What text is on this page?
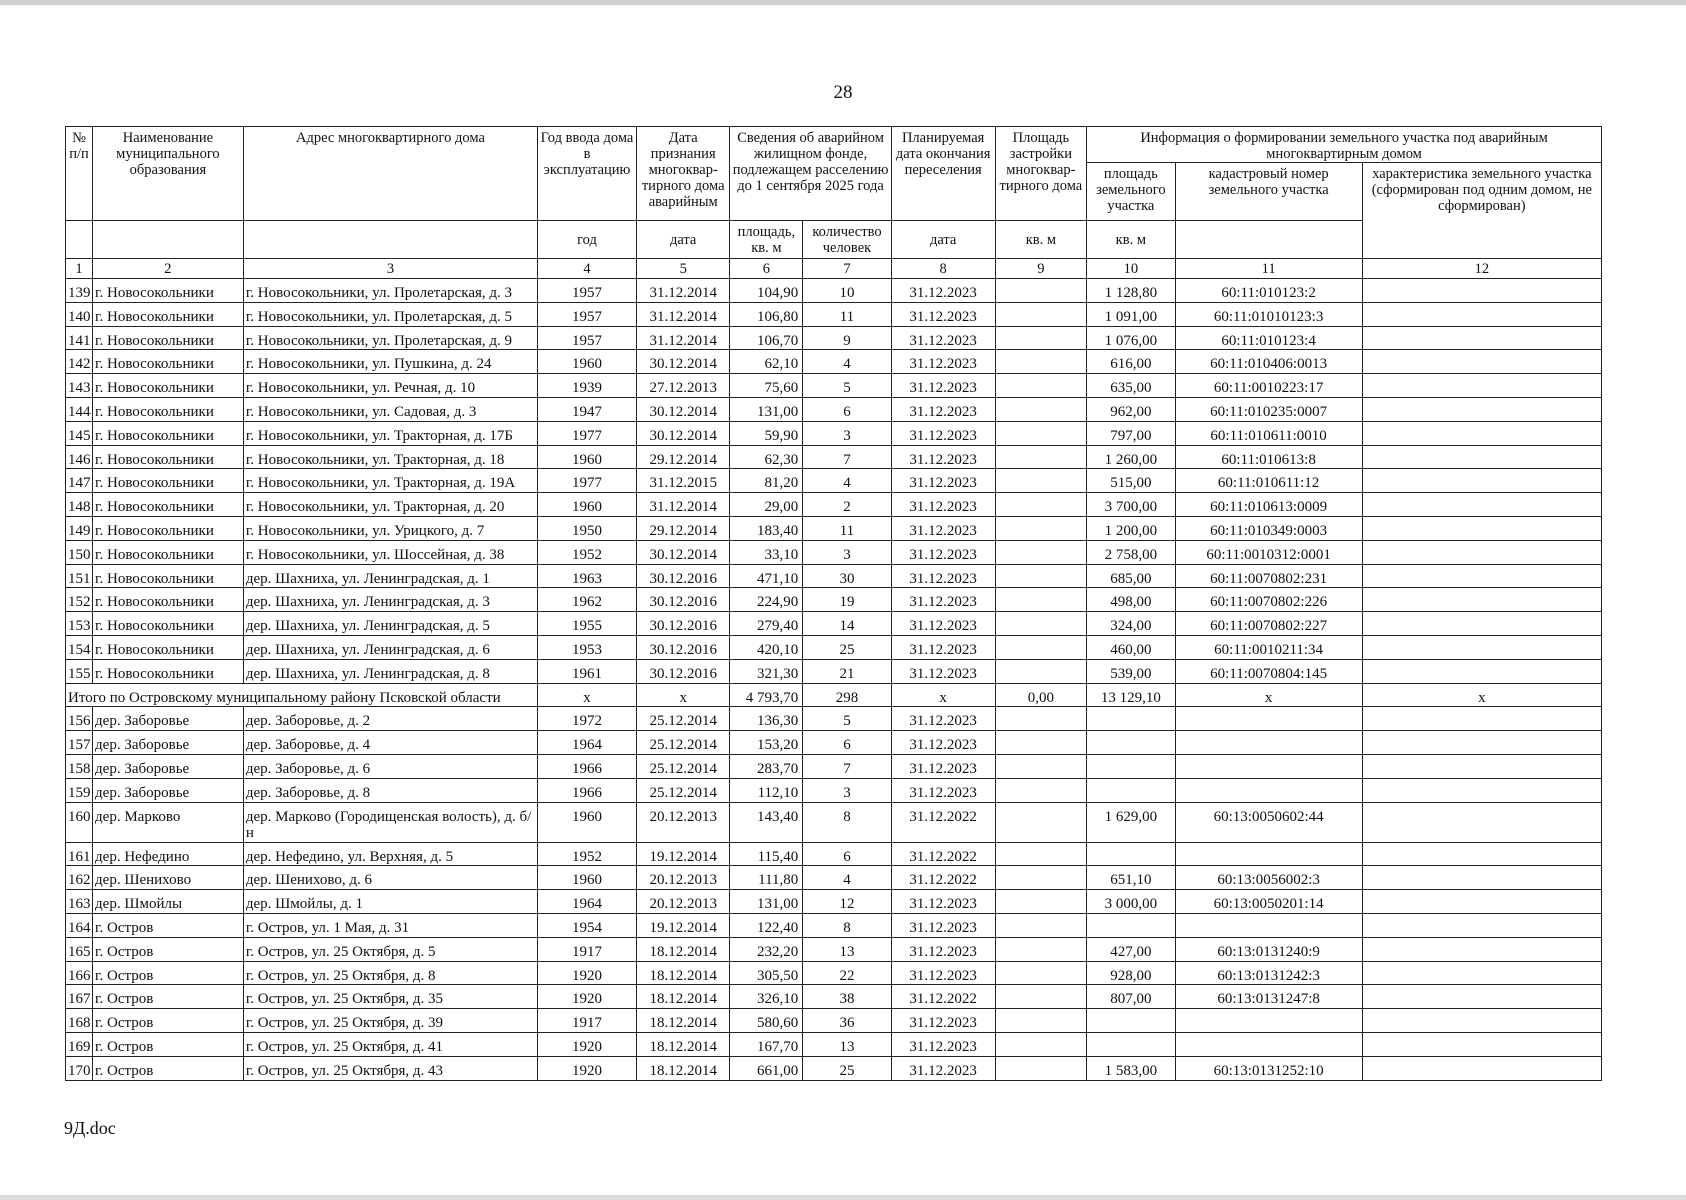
28
№ п/п	Наименование муниципального образования	Адрес многоквартирного дома	Год ввода дома в эксплуатацию	Дата признания многоквар-тирного дома аварийным	Сведения об аварийном жилищном фонде, подлежащем расселению до 1 сентября 2025 года		Планируемая дата окончания переселения	Площадь застройки многоквар-тирного дома	Информация о формировании земельного участка под аварийным многоквартирным домом		
									площадь земельного участка	кадастровый номер земельного участка	характеристика земельного участка (сформирован под одним домом, не сформирован)
			год	дата	площадь, кв. м	количество человек	дата	кв. м	кв. м		
1	2	3	4	5	6	7	8	9	10	11	12
139	г. Новосокольники	г. Новосокольники, ул. Пролетарская, д. 3	1957	31.12.2014	104,90	10	31.12.2023		1 128,80	60:11:010123:2	
140	г. Новосокольники	г. Новосокольники, ул. Пролетарская, д. 5	1957	31.12.2014	106,80	11	31.12.2023		1 091,00	60:11:01010123:3	
141	г. Новосокольники	г. Новосокольники, ул. Пролетарская, д. 9	1957	31.12.2014	106,70	9	31.12.2023		1 076,00	60:11:010123:4	
142	г. Новосокольники	г. Новосокольники, ул. Пушкина, д. 24	1960	30.12.2014	62,10	4	31.12.2023		616,00	60:11:010406:0013	
143	г. Новосокольники	г. Новосокольники, ул. Речная, д. 10	1939	27.12.2013	75,60	5	31.12.2023		635,00	60:11:0010223:17	
144	г. Новосокольники	г. Новосокольники, ул. Садовая, д. 3	1947	30.12.2014	131,00	6	31.12.2023		962,00	60:11:010235:0007	
145	г. Новосокольники	г. Новосокольники, ул. Тракторная, д. 17Б	1977	30.12.2014	59,90	3	31.12.2023		797,00	60:11:010611:0010	
146	г. Новосокольники	г. Новосокольники, ул. Тракторная, д. 18	1960	29.12.2014	62,30	7	31.12.2023		1 260,00	60:11:010613:8	
147	г. Новосокольники	г. Новосокольники, ул. Тракторная, д. 19А	1977	31.12.2015	81,20	4	31.12.2023		515,00	60:11:010611:12	
148	г. Новосокольники	г. Новосокольники, ул. Тракторная, д. 20	1960	31.12.2014	29,00	2	31.12.2023		3 700,00	60:11:010613:0009	
149	г. Новосокольники	г. Новосокольники, ул. Урицкого, д. 7	1950	29.12.2014	183,40	11	31.12.2023		1 200,00	60:11:010349:0003	
150	г. Новосокольники	г. Новосокольники, ул. Шоссейная, д. 38	1952	30.12.2014	33,10	3	31.12.2023		2 758,00	60:11:0010312:0001	
151	г. Новосокольники	дер. Шахниха, ул. Ленинградская, д. 1	1963	30.12.2016	471,10	30	31.12.2023		685,00	60:11:0070802:231	
152	г. Новосокольники	дер. Шахниха, ул. Ленинградская, д. 3	1962	30.12.2016	224,90	19	31.12.2023		498,00	60:11:0070802:226	
153	г. Новосокольники	дер. Шахниха, ул. Ленинградская, д. 5	1955	30.12.2016	279,40	14	31.12.2023		324,00	60:11:0070802:227	
154	г. Новосокольники	дер. Шахниха, ул. Ленинградская, д. 6	1953	30.12.2016	420,10	25	31.12.2023		460,00	60:11:0010211:34	
155	г. Новосокольники	дер. Шахниха, ул. Ленинградская, д. 8	1961	30.12.2016	321,30	21	31.12.2023		539,00	60:11:0070804:145	
Итого по Островскому муниципальному району Псковской области			х	х	4 793,70	298	х	0,00	13 129,10	х	х
156	дер. Заборовье	дер. Заборовье, д. 2	1972	25.12.2014	136,30	5	31.12.2023				
157	дер. Заборовье	дер. Заборовье, д. 4	1964	25.12.2014	153,20	6	31.12.2023				
158	дер. Заборовье	дер. Заборовье, д. 6	1966	25.12.2014	283,70	7	31.12.2023				
159	дер. Заборовье	дер. Заборовье, д. 8	1966	25.12.2014	112,10	3	31.12.2023				
160	дер. Марково	дер. Марково (Городищенская волость), д. б/н	1960	20.12.2013	143,40	8	31.12.2022		1 629,00	60:13:0050602:44	
161	дер. Нефедино	дер. Нефедино, ул. Верхняя, д. 5	1952	19.12.2014	115,40	6	31.12.2022				
162	дер. Шенихово	дер. Шенихово, д. 6	1960	20.12.2013	111,80	4	31.12.2022		651,10	60:13:0056002:3	
163	дер. Шмойлы	дер. Шмойлы, д. 1	1964	20.12.2013	131,00	12	31.12.2023		3 000,00	60:13:0050201:14	
164	г. Остров	г. Остров, ул. 1 Мая, д. 31	1954	19.12.2014	122,40	8	31.12.2023				
165	г. Остров	г. Остров, ул. 25 Октября, д. 5	1917	18.12.2014	232,20	13	31.12.2023		427,00	60:13:0131240:9	
166	г. Остров	г. Остров, ул. 25 Октября, д. 8	1920	18.12.2014	305,50	22	31.12.2023		928,00	60:13:0131242:3	
167	г. Остров	г. Остров, ул. 25 Октября, д. 35	1920	18.12.2014	326,10	38	31.12.2022		807,00	60:13:0131247:8	
168	г. Остров	г. Остров, ул. 25 Октября, д. 39	1917	18.12.2014	580,60	36	31.12.2023				
169	г. Остров	г. Остров, ул. 25 Октября, д. 41	1920	18.12.2014	167,70	13	31.12.2023				
170	г. Остров	г. Остров, ул. 25 Октября, д. 43	1920	18.12.2014	661,00	25	31.12.2023		1 583,00	60:13:0131252:10	
9Д.doc
